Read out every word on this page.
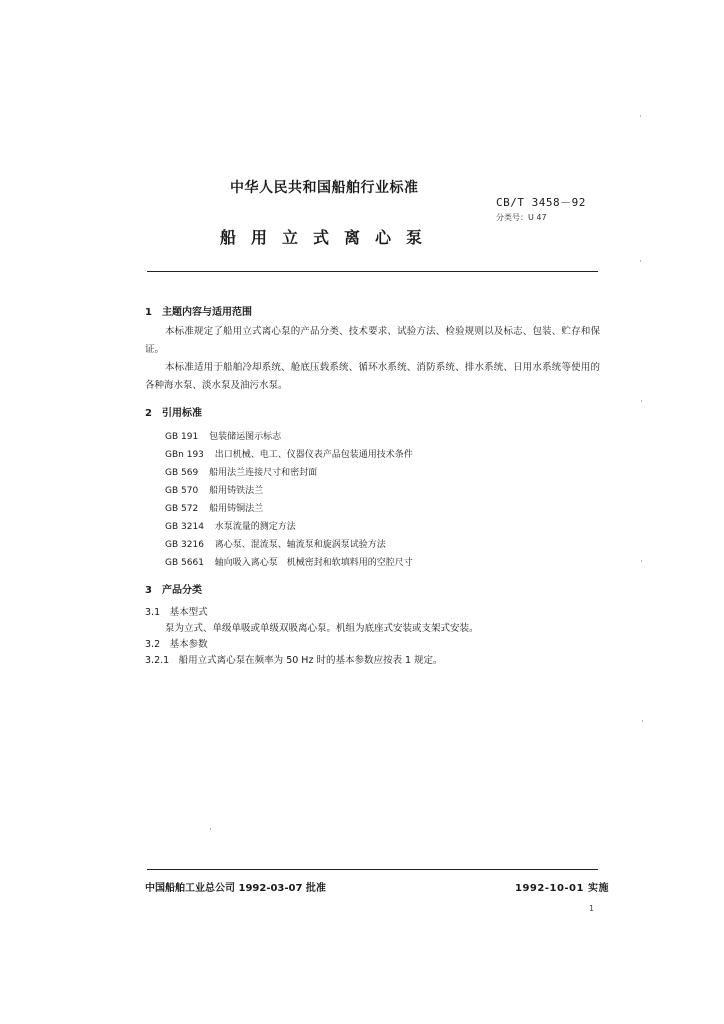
中华人民共和国船舶行业标准
CB/T 3458－92
分类号：U 47
船用立式离心泵
1　主题内容与适用范围
本标准规定了船用立式离心泵的产品分类、技术要求、试验方法、检验规则以及标志、包装、贮存和保证。
本标准适用于船舶冷却系统、舱底压载系统、循环水系统、消防系统、排水系统、日用水系统等使用的各种海水泵、淡水泵及油污水泵。
2　引用标准
GB 191 包装储运图示标志
GBn 193 出口机械、电工、仪器仪表产品包装通用技术条件
GB 569 船用法兰连接尺寸和密封面
GB 570 船用铸铁法兰
GB 572 船用铸铜法兰
GB 3214 水泵流量的测定方法
GB 3216 离心泵、混流泵、轴流泵和旋涡泵试验方法
GB 5661 轴向吸入离心泵　机械密封和软填料用的空腔尺寸
3　产品分类
3.1　基本型式
泵为立式、单级单吸或单级双吸离心泵。机组为底座式安装或支架式安装。
3.2　基本参数
3.2.1　船用立式离心泵在频率为 50 Hz 时的基本参数应按表 1 规定。
中国船舶工业总公司 1992-03-07 批准	1992-10-01 实施
1
